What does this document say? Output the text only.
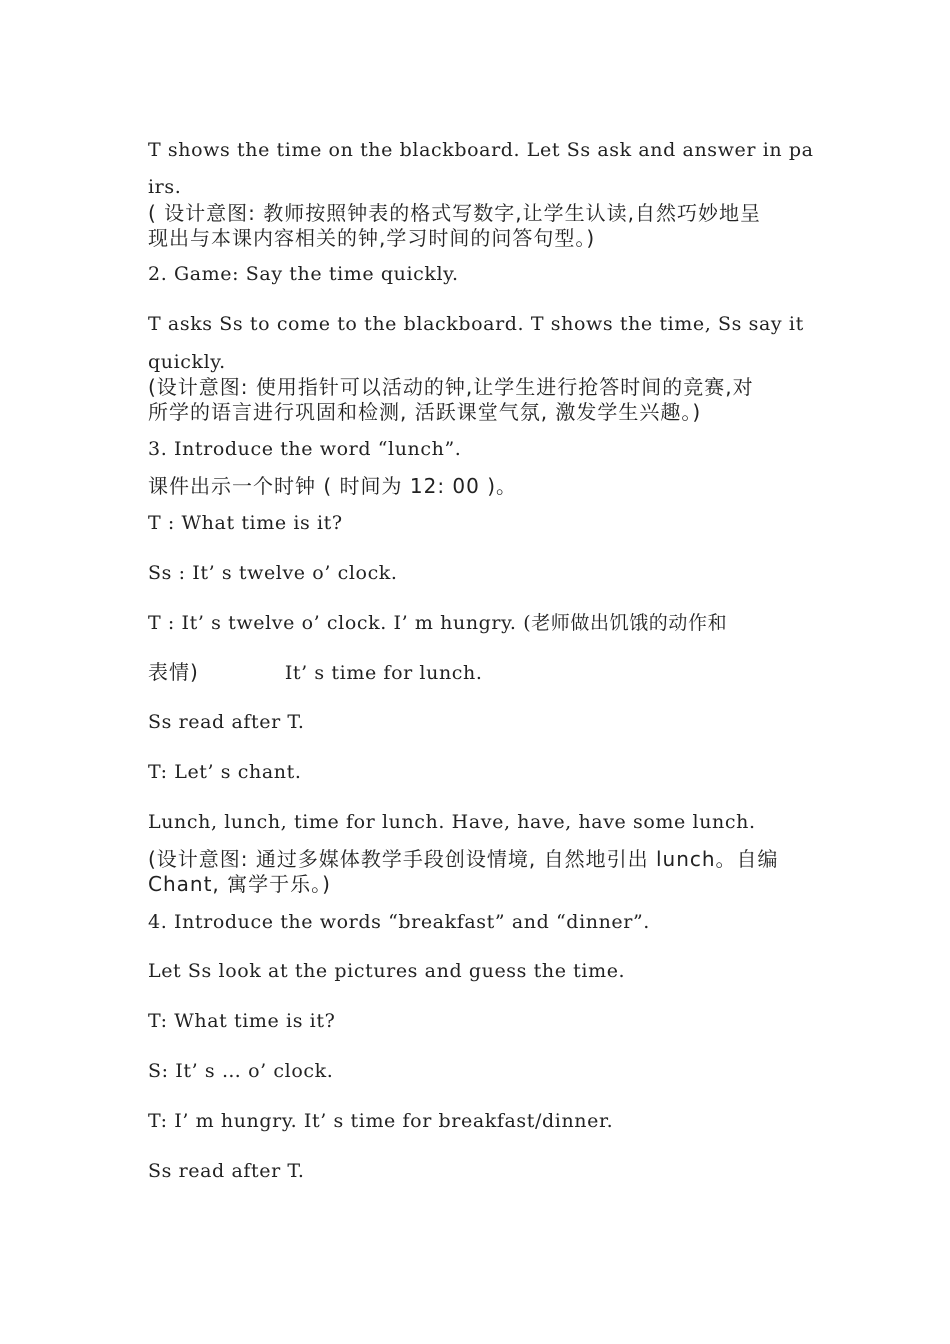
T shows the time on the blackboard. Let Ss ask and answer in pa

irs.

( 设计意图: 教师按照钟表的格式写数字,让学生认读,自然巧妙地呈

现出与本课内容相关的钟,学习时间的问答句型。)

2. Game: Say the time quickly.

T asks Ss to come to the blackboard. T shows the time, Ss say it

quickly.

(设计意图: 使用指针可以活动的钟,让学生进行抢答时间的竞赛,对

所学的语言进行巩固和检测, 活跃课堂气氛, 激发学生兴趣。)

3. Introduce the word “lunch”.

课件出示一个时钟 ( 时间为 12: 00 )。

T : What time is it?

Ss : It’ s twelve o’ clock.

T : It’ s twelve o’ clock. I’ m hungry. (老师做出饥饿的动作和

表情)	It’ s time for lunch.

Ss read after T.

T: Let’ s chant.

Lunch, lunch, time for lunch. Have, have, have some lunch.

(设计意图: 通过多媒体教学手段创设情境, 自然地引出 lunch。自编

Chant, 寓学于乐。)

4. Introduce the words “breakfast” and “dinner”.

Let Ss look at the pictures and guess the time.

T: What time is it?

S: It’ s … o’ clock.

T: I’ m hungry. It’ s time for breakfast/dinner.

Ss read after T.
